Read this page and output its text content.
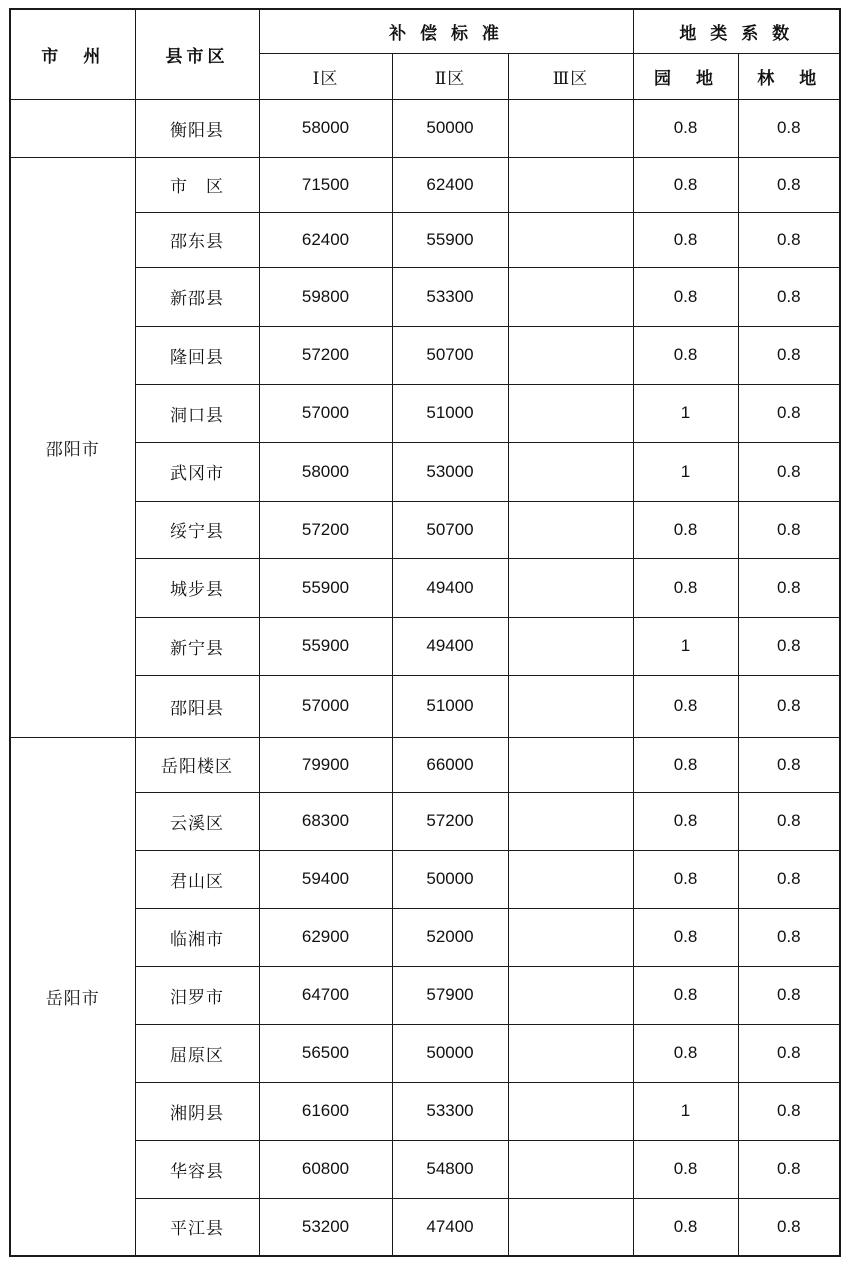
市　州	县市区	补 偿 标 准			地 类 系 数	
		Ⅰ区	Ⅱ区	Ⅲ区	园　地	林　地
	衡阳县	58000	50000		0.8	0.8
邵阳市	市　区	71500	62400		0.8	0.8
	邵东县	62400	55900		0.8	0.8
	新邵县	59800	53300		0.8	0.8
	隆回县	57200	50700		0.8	0.8
	洞口县	57000	51000		1	0.8
	武冈市	58000	53000		1	0.8
	绥宁县	57200	50700		0.8	0.8
	城步县	55900	49400		0.8	0.8
	新宁县	55900	49400		1	0.8
	邵阳县	57000	51000		0.8	0.8
岳阳市	岳阳楼区	79900	66000		0.8	0.8
	云溪区	68300	57200		0.8	0.8
	君山区	59400	50000		0.8	0.8
	临湘市	62900	52000		0.8	0.8
	汨罗市	64700	57900		0.8	0.8
	屈原区	56500	50000		0.8	0.8
	湘阴县	61600	53300		1	0.8
	华容县	60800	54800		0.8	0.8
	平江县	53200	47400		0.8	0.8
